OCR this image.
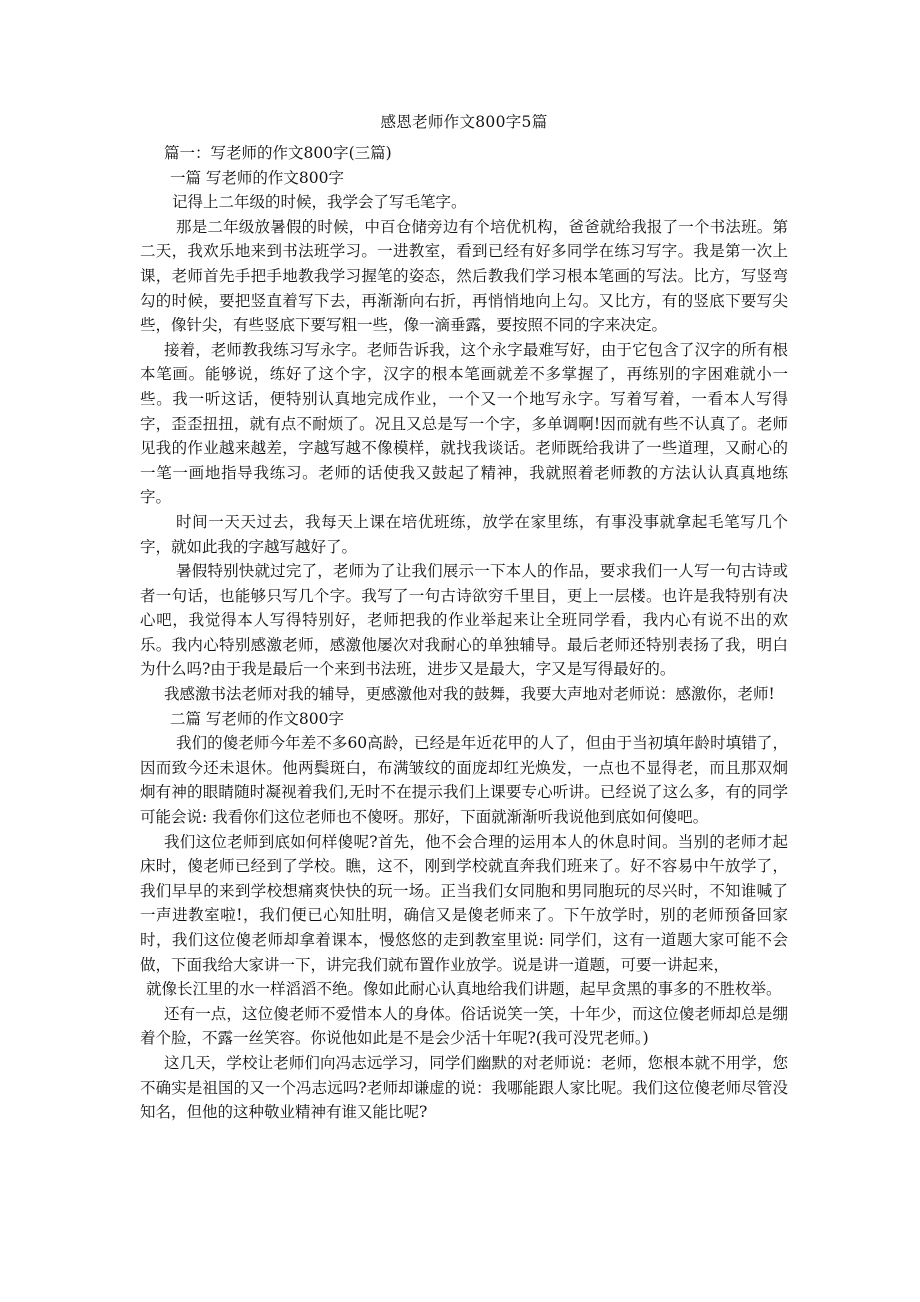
感恩老师作文800字5篇

篇一：写老师的作文800字(三篇)

一篇 写老师的作文800字

记得上二年级的时候，我学会了写毛笔字。

那是二年级放暑假的时候，中百仓储旁边有个培优机构，爸爸就给我报了一个书法班。第二天，我欢乐地来到书法班学习。一进教室，看到已经有好多同学在练习写字。我是第一次上课，老师首先手把手地教我学习握笔的姿态，然后教我们学习根本笔画的写法。比方，写竖弯勾的时候，要把竖直着写下去，再渐渐向右折，再悄悄地向上勾。又比方，有的竖底下要写尖些，像针尖，有些竖底下要写粗一些，像一滴垂露，要按照不同的字来决定。

接着，老师教我练习写永字。老师告诉我，这个永字最难写好，由于它包含了汉字的所有根本笔画。能够说，练好了这个字，汉字的根本笔画就差不多掌握了，再练别的字困难就小一些。我一听这话，便特别认真地完成作业，一个又一个地写永字。写着写着，一看本人写得字，歪歪扭扭，就有点不耐烦了。况且又总是写一个字，多单调啊!因而就有些不认真了。老师见我的作业越来越差，字越写越不像模样，就找我谈话。老师既给我讲了一些道理，又耐心的一笔一画地指导我练习。老师的话使我又鼓起了精神，我就照着老师教的方法认认真真地练字。

时间一天天过去，我每天上课在培优班练，放学在家里练，有事没事就拿起毛笔写几个字，就如此我的字越写越好了。

暑假特别快就过完了，老师为了让我们展示一下本人的作品，要求我们一人写一句古诗或者一句话，也能够只写几个字。我写了一句古诗欲穷千里目，更上一层楼。也许是我特别有决心吧，我觉得本人写得特别好，老师把我的作业举起来让全班同学看，我内心有说不出的欢乐。我内心特别感激老师，感激他屡次对我耐心的单独辅导。最后老师还特别表扬了我，明白为什么吗?由于我是最后一个来到书法班，进步又是最大，字又是写得最好的。

我感激书法老师对我的辅导，更感激他对我的鼓舞，我要大声地对老师说：感激你，老师!

二篇 写老师的作文800字

我们的傻老师今年差不多60高龄，已经是年近花甲的人了，但由于当初填年龄时填错了，因而致今还未退休。他两鬓斑白，布满皱纹的面庞却红光焕发，一点也不显得老，而且那双炯炯有神的眼睛随时凝视着我们,无时不在提示我们上课要专心听讲。已经说了这么多，有的同学可能会说: 我看你们这位老师也不傻呀。那好，下面就渐渐听我说他到底如何傻吧。

我们这位老师到底如何样傻呢?首先，他不会合理的运用本人的休息时间。当别的老师才起床时，傻老师已经到了学校。瞧，这不，刚到学校就直奔我们班来了。好不容易中午放学了，我们早早的来到学校想痛爽快快的玩一场。正当我们女同胞和男同胞玩的尽兴时，不知谁喊了一声进教室啦!，我们便已心知肚明，确信又是傻老师来了。下午放学时，别的老师预备回家时，我们这位傻老师却拿着课本，慢悠悠的走到教室里说: 同学们，这有一道题大家可能不会做，下面我给大家讲一下，讲完我们就布置作业放学。说是讲一道题，可要一讲起来，

就像长江里的水一样滔滔不绝。像如此耐心认真地给我们讲题，起早贪黑的事多的不胜枚举。

还有一点，这位傻老师不爱惜本人的身体。俗话说笑一笑，十年少，而这位傻老师却总是绷着个脸，不露一丝笑容。你说他如此是不是会少活十年呢?(我可没咒老师。)

这几天，学校让老师们向冯志远学习，同学们幽默的对老师说：老师，您根本就不用学，您不确实是祖国的又一个冯志远吗?老师却谦虚的说：我哪能跟人家比呢。我们这位傻老师尽管没知名，但他的这种敬业精神有谁又能比呢?
